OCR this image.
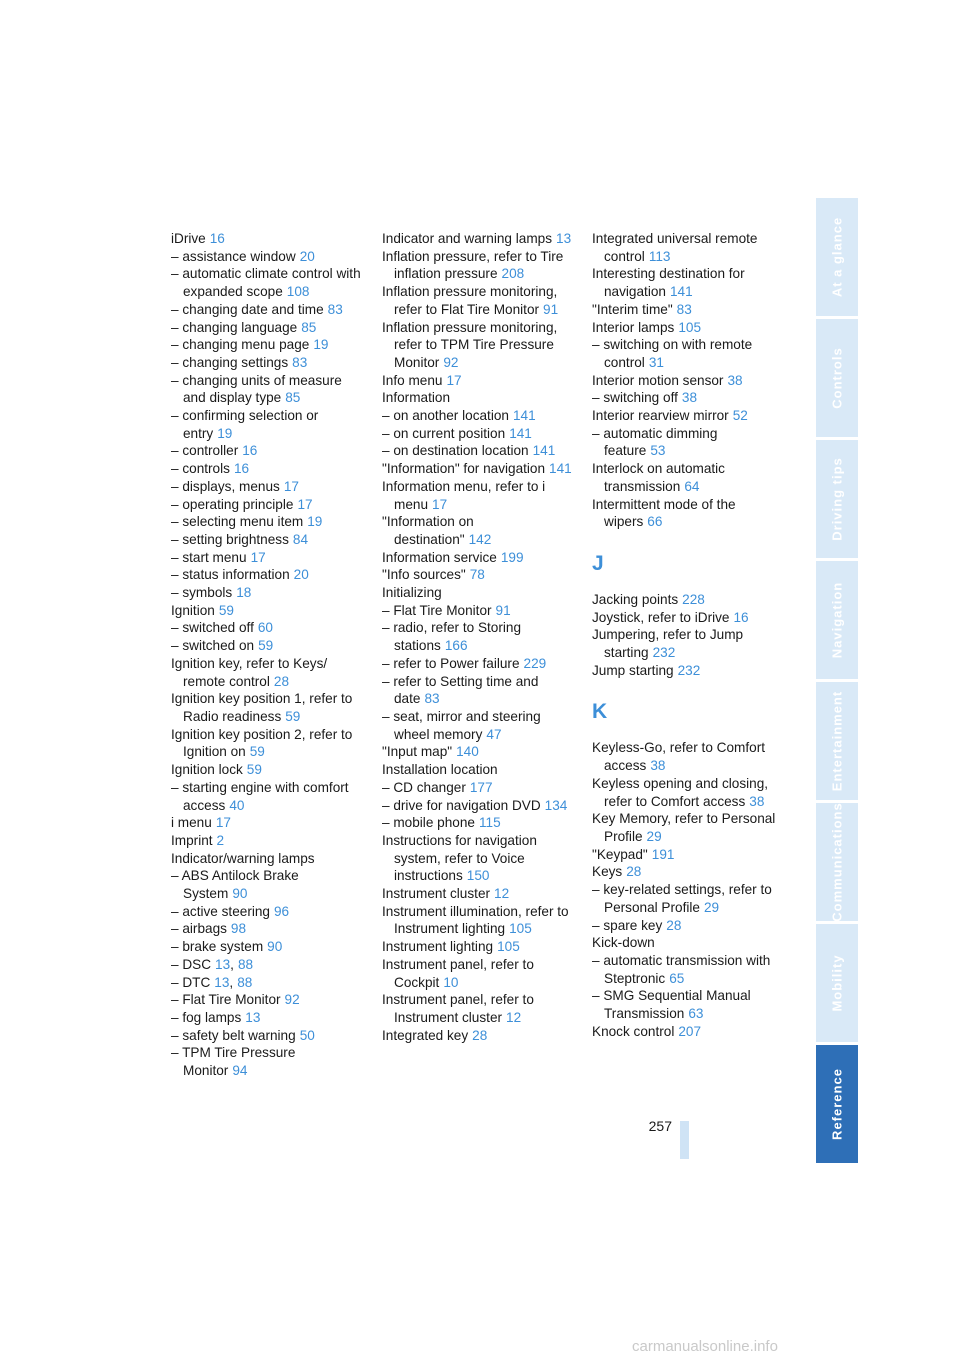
iDrive 16
– assistance window 20
– automatic climate control with expanded scope 108
– changing date and time 83
– changing language 85
– changing menu page 19
– changing settings 83
– changing units of measure and display type 85
– confirming selection or entry 19
– controller 16
– controls 16
– displays, menus 17
– operating principle 17
– selecting menu item 19
– setting brightness 84
– start menu 17
– status information 20
– symbols 18
Ignition 59
– switched off 60
– switched on 59
Ignition key, refer to Keys/ remote control 28
Ignition key position 1, refer to Radio readiness 59
Ignition key position 2, refer to Ignition on 59
Ignition lock 59
– starting engine with comfort access 40
i menu 17
Imprint 2
Indicator/warning lamps
– ABS Antilock Brake System 90
– active steering 96
– airbags 98
– brake system 90
– DSC 13, 88
– DTC 13, 88
– Flat Tire Monitor 92
– fog lamps 13
– safety belt warning 50
– TPM Tire Pressure Monitor 94
Indicator and warning lamps 13
Inflation pressure, refer to Tire inflation pressure 208
Inflation pressure monitoring, refer to Flat Tire Monitor 91
Inflation pressure monitoring, refer to TPM Tire Pressure Monitor 92
Info menu 17
Information
– on another location 141
– on current position 141
– on destination location 141
"Information" for navigation 141
Information menu, refer to i menu 17
"Information on destination" 142
Information service 199
"Info sources" 78
Initializing
– Flat Tire Monitor 91
– radio, refer to Storing stations 166
– refer to Power failure 229
– refer to Setting time and date 83
– seat, mirror and steering wheel memory 47
"Input map" 140
Installation location
– CD changer 177
– drive for navigation DVD 134
– mobile phone 115
Instructions for navigation system, refer to Voice instructions 150
Instrument cluster 12
Instrument illumination, refer to Instrument lighting 105
Instrument lighting 105
Instrument panel, refer to Cockpit 10
Instrument panel, refer to Instrument cluster 12
Integrated key 28
Integrated universal remote control 113
Interesting destination for navigation 141
"Interim time" 83
Interior lamps 105
– switching on with remote control 31
Interior motion sensor 38
– switching off 38
Interior rearview mirror 52
– automatic dimming feature 53
Interlock on automatic transmission 64
Intermittent mode of the wipers 66
J
Jacking points 228
Joystick, refer to iDrive 16
Jumpering, refer to Jump starting 232
Jump starting 232
K
Keyless-Go, refer to Comfort access 38
Keyless opening and closing, refer to Comfort access 38
Key Memory, refer to Personal Profile 29
"Keypad" 191
Keys 28
– key-related settings, refer to Personal Profile 29
– spare key 28
Kick-down
– automatic transmission with Steptronic 65
– SMG Sequential Manual Transmission 63
Knock control 207
At a glance
Controls
Driving tips
Navigation
Entertainment
Communications
Mobility
Reference
257
carmanualsonline.info
